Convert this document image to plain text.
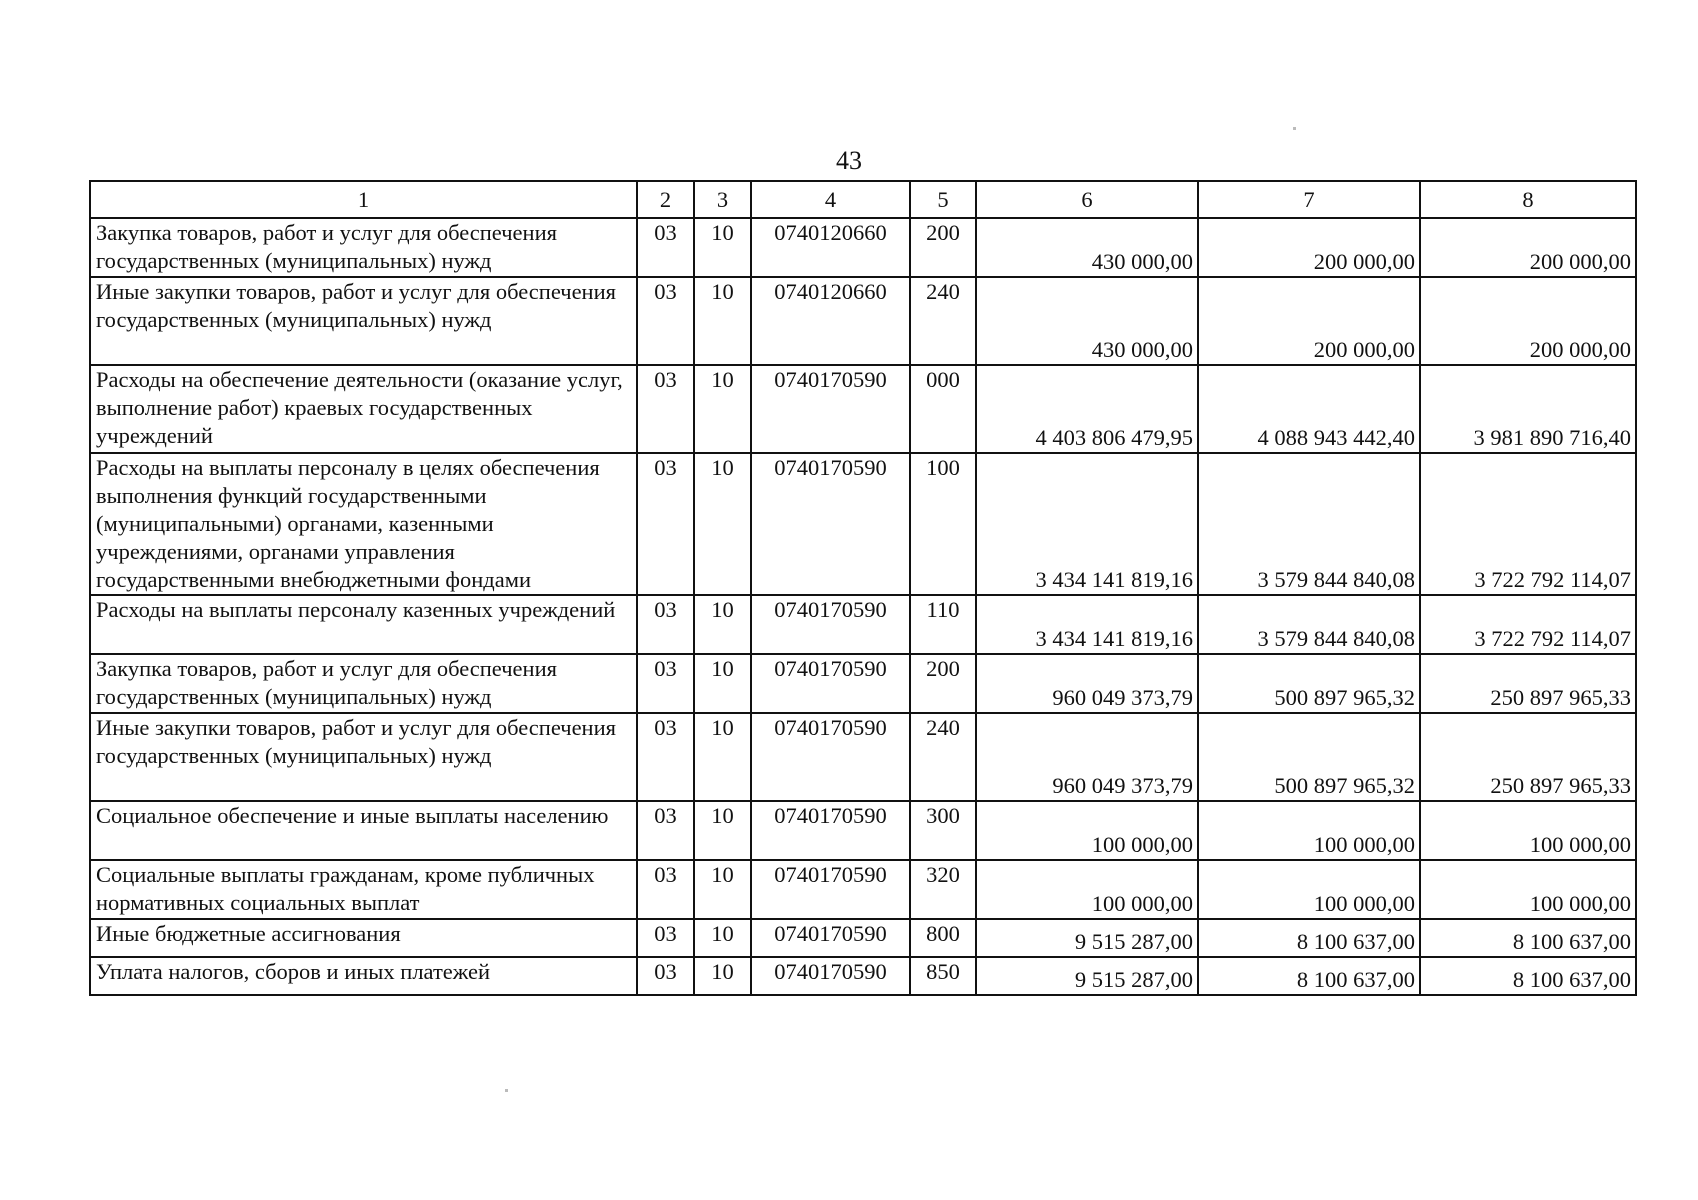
43
1	2	3	4	5	6	7	8
Закупка товаров, работ и услуг для обеспечения государственных (муниципальных) нужд	03	10	0740120660	200	430 000,00	200 000,00	200 000,00
Иные закупки товаров, работ и услуг для обеспечения государственных (муниципальных) нужд	03	10	0740120660	240	430 000,00	200 000,00	200 000,00
Расходы на обеспечение деятельности (оказание услуг, выполнение работ) краевых государственных учреждений	03	10	0740170590	000	4 403 806 479,95	4 088 943 442,40	3 981 890 716,40
Расходы на выплаты персоналу в целях обеспечения выполнения функций государственными (муниципальными) органами, казенными учреждениями, органами управления государственными внебюджетными фондами	03	10	0740170590	100	3 434 141 819,16	3 579 844 840,08	3 722 792 114,07
Расходы на выплаты персоналу казенных учреждений	03	10	0740170590	110	3 434 141 819,16	3 579 844 840,08	3 722 792 114,07
Закупка товаров, работ и услуг для обеспечения государственных (муниципальных) нужд	03	10	0740170590	200	960 049 373,79	500 897 965,32	250 897 965,33
Иные закупки товаров, работ и услуг для обеспечения государственных (муниципальных) нужд	03	10	0740170590	240	960 049 373,79	500 897 965,32	250 897 965,33
Социальное обеспечение и иные выплаты населению	03	10	0740170590	300	100 000,00	100 000,00	100 000,00
Социальные выплаты гражданам, кроме публичных нормативных социальных выплат	03	10	0740170590	320	100 000,00	100 000,00	100 000,00
Иные бюджетные ассигнования	03	10	0740170590	800	9 515 287,00	8 100 637,00	8 100 637,00
Уплата налогов, сборов и иных платежей	03	10	0740170590	850	9 515 287,00	8 100 637,00	8 100 637,00
